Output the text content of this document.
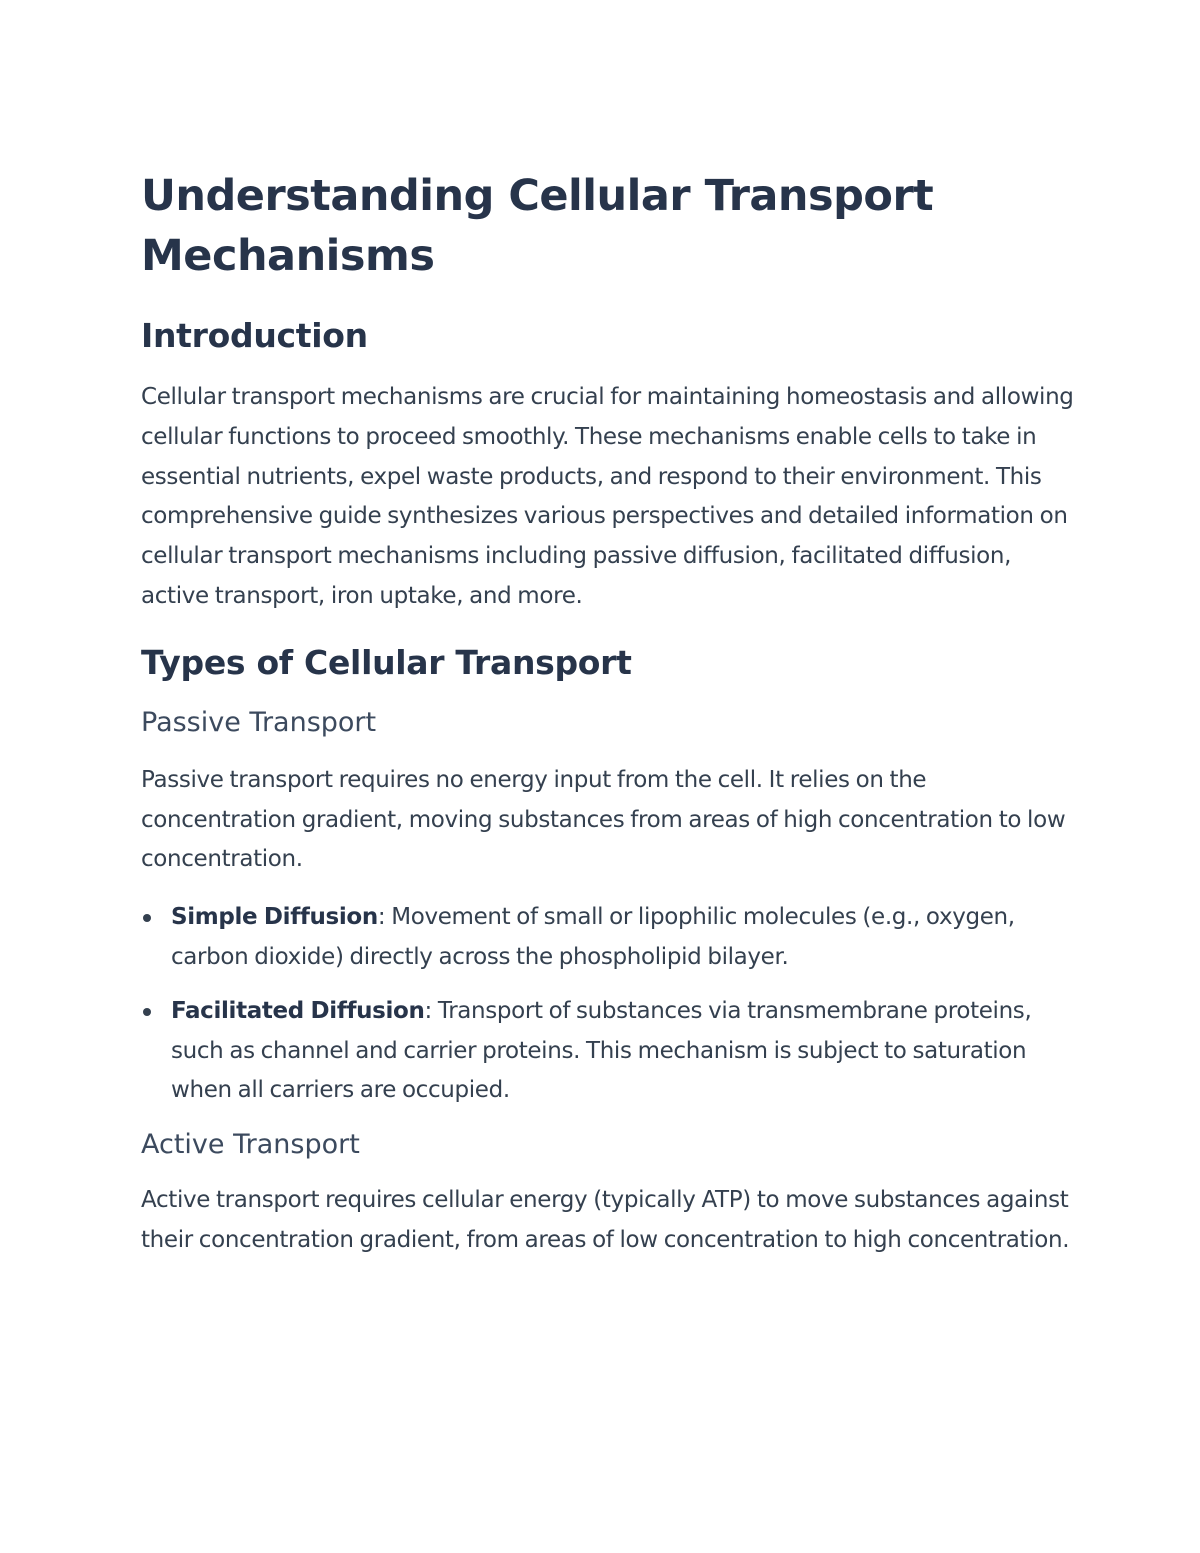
Understanding Cellular Transport Mechanisms
Introduction

Cellular transport mechanisms are crucial for maintaining homeostasis and allowing cellular functions to proceed smoothly. These mechanisms enable cells to take in essential nutrients, expel waste products, and respond to their environment. This comprehensive guide synthesizes various perspectives and detailed information on cellular transport mechanisms including passive diffusion, facilitated diffusion, active transport, iron uptake, and more.

Types of Cellular Transport
Passive Transport

Passive transport requires no energy input from the cell. It relies on the concentration gradient, moving substances from areas of high concentration to low concentration.

Simple Diffusion: Movement of small or lipophilic molecules (e.g., oxygen, carbon dioxide) directly across the phospholipid bilayer.
Facilitated Diffusion: Transport of substances via transmembrane proteins, such as channel and carrier proteins. This mechanism is subject to saturation when all carriers are occupied.
Active Transport

Active transport requires cellular energy (typically ATP) to move substances against their concentration gradient, from areas of low concentration to high concentration.
